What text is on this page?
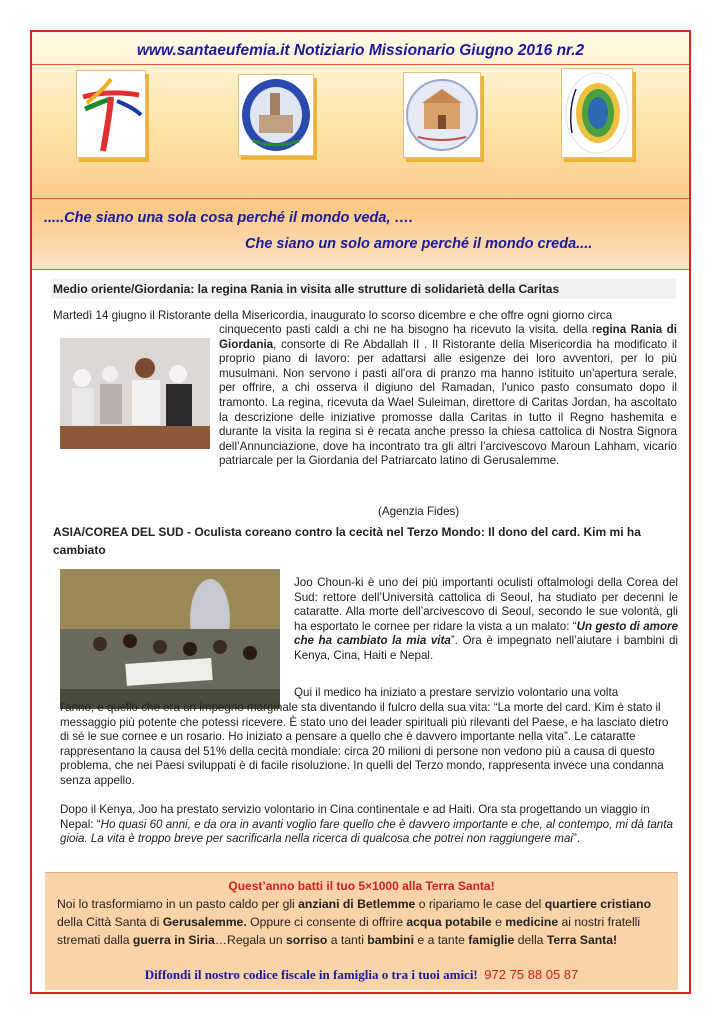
www.santaeufemia.it Notiziario Missionario Giugno 2016 nr.2
.....Che siano una sola cosa perché il mondo veda, ….
Che siano un solo amore perché il mondo creda....
Medio oriente/Giordania: la regina Rania in visita alle strutture di solidarietà della Caritas
Martedì 14 giugno il Ristorante della Misericordia, inaugurato lo scorso dicembre e che offre ogni giorno circa
cinquecento pasti caldi a chi ne ha bisogno ha ricevuto la visita. della regina Rania di Giordania, consorte di Re Abdallah II . Il Ristorante della Misericordia ha modificato il proprio piano di lavoro: per adattarsi alle esigenze dei loro avventori, per lo più musulmani. Non servono i pasti all'ora di pranzo ma hanno istituito un'apertura serale, per offrire, a chi osserva il digiuno del Ramadan, l'unico pasto consumato dopo il tramonto. La regina, ricevuta da Wael Suleiman, direttore di Caritas Jordan, ha ascoltato la descrizione delle iniziative promosse dalla Caritas in tutto il Regno hashemita e durante la visita la regina si è recata anche presso la chiesa cattolica di Nostra Signora dell’Annunciazione, dove ha incontrato tra gli altri l’arcivescovo Maroun Lahham, vicario patriarcale per la Giordania del Patriarcato latino di Gerusalemme.
(Agenzia Fides)
ASIA/COREA DEL SUD - Oculista coreano contro la cecità nel Terzo Mondo: Il dono del card. Kim mi ha cambiato
Joo Choun-ki è uno dei più importanti oculisti oftalmologi della Corea del Sud: rettore dell’Università cattolica di Seoul, ha studiato per decenni le cataratte. Alla morte dell’arcivescovo di Seoul, secondo le sue volontà, gli ha esportato le cornee per ridare la vista a un malato: “Un gesto di amore che ha cambiato la mia vita”. Ora è impegnato nell’aiutare i bambini di Kenya, Cina, Haiti e Nepal.
Qui il medico ha iniziato a prestare servizio volontario una volta
l’anno, e quello che era un impegno marginale sta diventando il fulcro della sua vita: “La morte del card. Kim è stato il messaggio più potente che potessi ricevere. È stato uno dei leader spirituali più rilevanti del Paese, e ha lasciato dietro di sé le sue cornee e un rosario. Ho iniziato a pensare a quello che è davvero importante nella vita”. Le cataratte rappresentano la causa del 51% della cecità mondiale: circa 20 milioni di persone non vedono più a causa di questo problema, che nei Paesi sviluppati è di facile risoluzione. In quelli del Terzo mondo, rappresenta invece una condanna senza appello.
Dopo il Kenya, Joo ha prestato servizio volontario in Cina continentale e ad Haiti. Ora sta progettando un viaggio in Nepal: “Ho quasi 60 anni, e da ora in avanti voglio fare quello che è davvero importante e che, al contempo, mi dà tanta gioia. La vita è troppo breve per sacrificarla nella ricerca di qualcosa che potrei non raggiungere mai”.
Quest’anno batti il tuo 5×1000 alla Terra Santa!
Noi lo trasformiamo in un pasto caldo per gli anziani di Betlemme o ripariamo le case del quartiere cristiano della Città Santa di Gerusalemme. Oppure ci consente di offrire acqua potabile e medicine ai nostri fratelli stremati dalla guerra in Siria…Regala un sorriso a tanti bambini e a tante famiglie della Terra Santa!
Diffondi il nostro codice fiscale in famiglia o tra i tuoi amici! 972 75 88 05 87
